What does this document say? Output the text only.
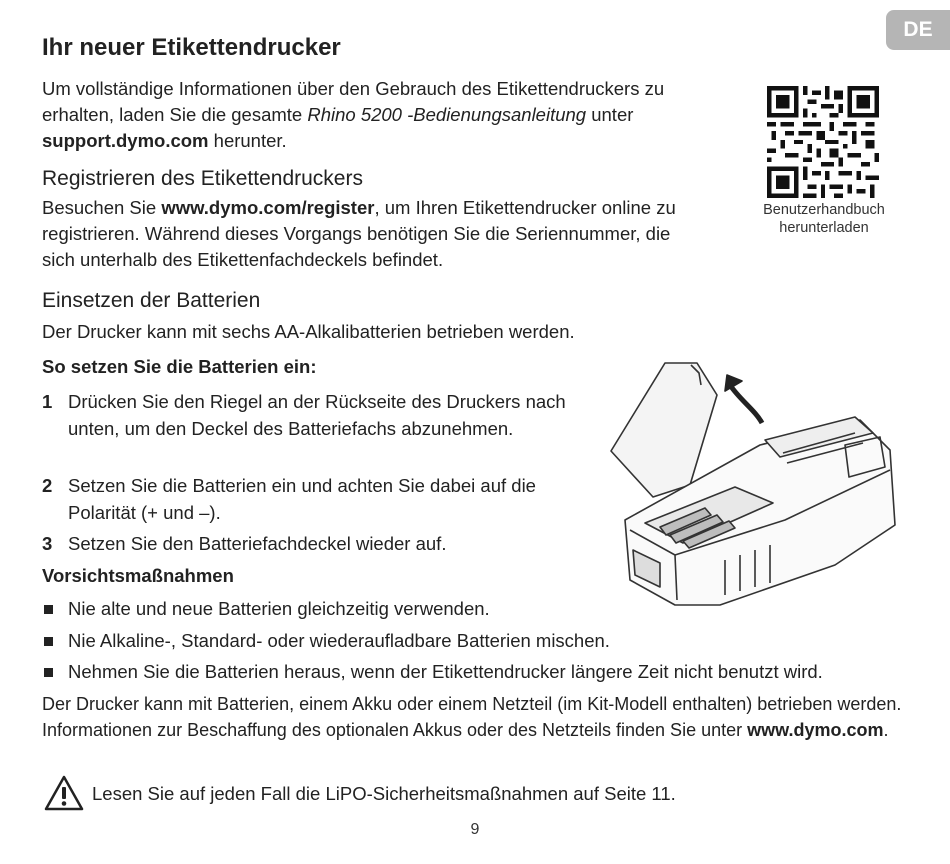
DE
Ihr neuer Etikettendrucker
Um vollständige Informationen über den Gebrauch des Etikettendruckers zu erhalten, laden Sie die gesamte Rhino 5200 -Bedienungsanleitung unter support.dymo.com herunter.
Benutzerhandbuch
herunterladen
Registrieren des Etikettendruckers
Besuchen Sie www.dymo.com/register, um Ihren Etikettendrucker online zu registrieren. Während dieses Vorgangs benötigen Sie die Seriennummer, die sich unterhalb des Etikettenfachdeckels befindet.
Einsetzen der Batterien
Der Drucker kann mit sechs AA-Alkalibatterien betrieben werden.
So setzen Sie die Batterien ein:
1 Drücken Sie den Riegel an der Rückseite des Druckers nach unten, um den Deckel des Batteriefachs abzunehmen.
2 Setzen Sie die Batterien ein und achten Sie dabei auf die Polarität (+ und –).
3 Setzen Sie den Batteriefachdeckel wieder auf.
Vorsichtsmaßnahmen
Nie alte und neue Batterien gleichzeitig verwenden.
Nie Alkaline-, Standard- oder wiederaufladbare Batterien mischen.
Nehmen Sie die Batterien heraus, wenn der Etikettendrucker längere Zeit nicht benutzt wird.
Der Drucker kann mit Batterien, einem Akku oder einem Netzteil (im Kit-Modell enthalten) betrieben werden. Informationen zur Beschaffung des optionalen Akkus oder des Netzteils finden Sie unter www.dymo.com.
Lesen Sie auf jeden Fall die LiPO-Sicherheitsmaßnahmen auf Seite 11.
9
